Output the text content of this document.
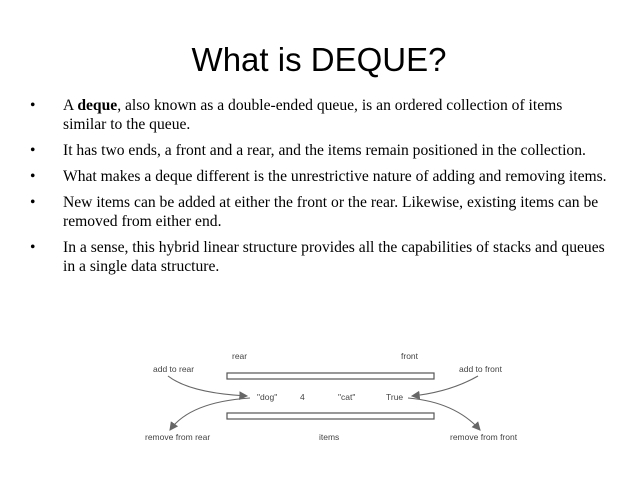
What is DEQUE?
• A deque, also known as a double-ended queue, is an ordered collection of items similar to the queue.
• It has two ends, a front and a rear, and the items remain positioned in the collection.
• What makes a deque different is the unrestrictive nature of adding and removing items.
• New items can be added at either the front or the rear. Likewise, existing items can be removed from either end.
• In a sense, this hybrid linear structure provides all the capabilities of stacks and queues in a single data structure.
rear	front
"dog"	4	"cat"	True
add to rear	add to front
remove from rear	remove from front
items
